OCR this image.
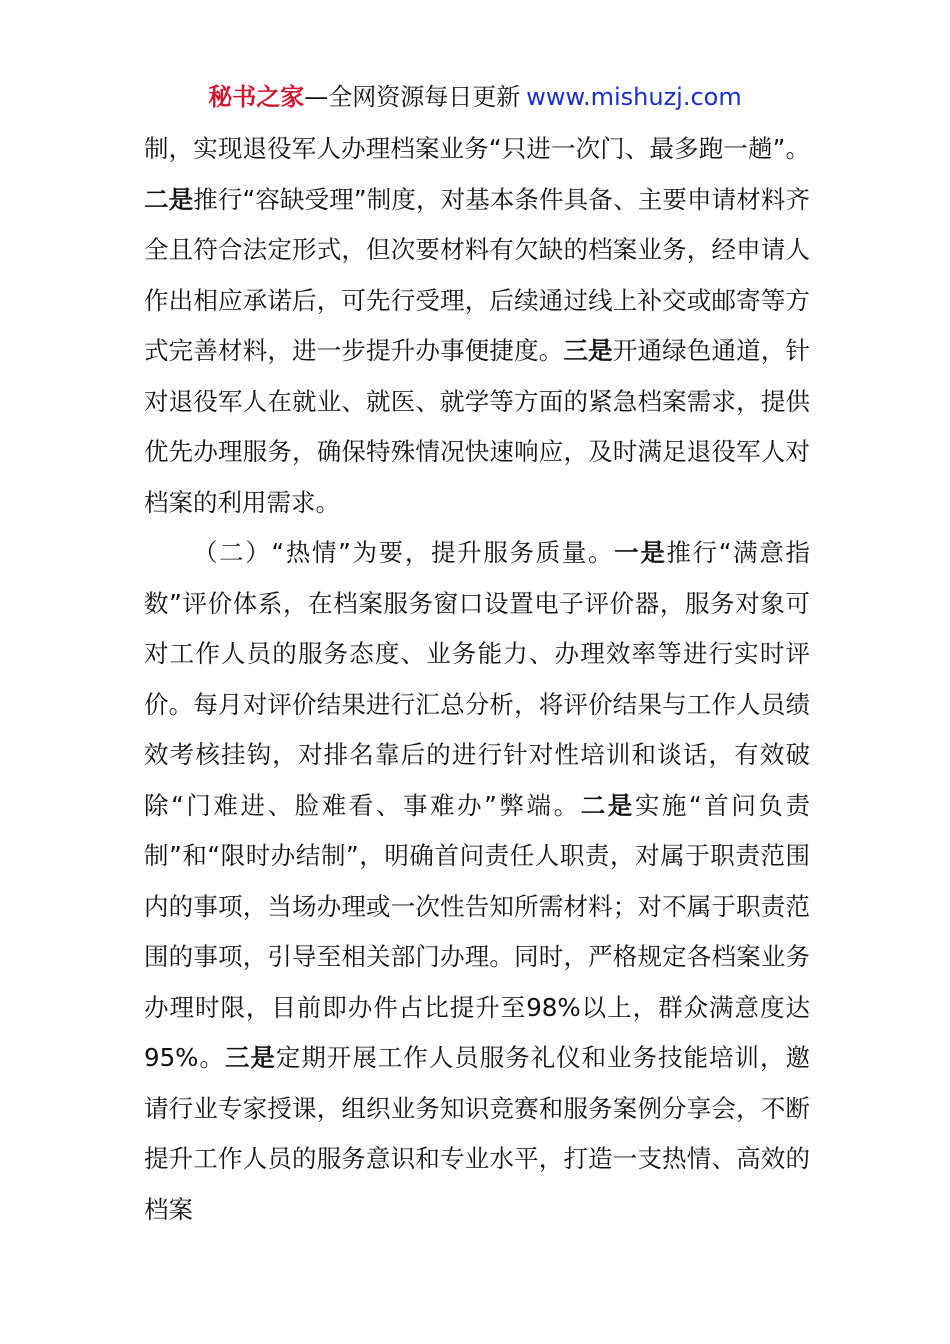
秘书之家—全网资源每日更新 www.mishuzj.com

制，实现退役军人办理档案业务“只进一次门、最多跑一趟”。二是推行“容缺受理”制度，对基本条件具备、主要申请材料齐全且符合法定形式，但次要材料有欠缺的档案业务，经申请人作出相应承诺后，可先行受理，后续通过线上补交或邮寄等方式完善材料，进一步提升办事便捷度。三是开通绿色通道，针对退役军人在就业、就医、就学等方面的紧急档案需求，提供优先办理服务，确保特殊情况快速响应，及时满足退役军人对档案的利用需求。

（二）“热情”为要，提升服务质量。一是推行“满意指数”评价体系，在档案服务窗口设置电子评价器，服务对象可对工作人员的服务态度、业务能力、办理效率等进行实时评价。每月对评价结果进行汇总分析，将评价结果与工作人员绩效考核挂钩，对排名靠后的进行针对性培训和谈话，有效破除“门难进、脸难看、事难办”弊端。二是实施“首问负责制”和“限时办结制”，明确首问责任人职责，对属于职责范围内的事项，当场办理或一次性告知所需材料；对不属于职责范围的事项，引导至相关部门办理。同时，严格规定各档案业务办理时限，目前即办件占比提升至98%以上，群众满意度达 95%。三是定期开展工作人员服务礼仪和业务技能培训，邀请行业专家授课，组织业务知识竞赛和服务案例分享会，不断提升工作人员的服务意识和专业水平，打造一支热情、高效的档案
